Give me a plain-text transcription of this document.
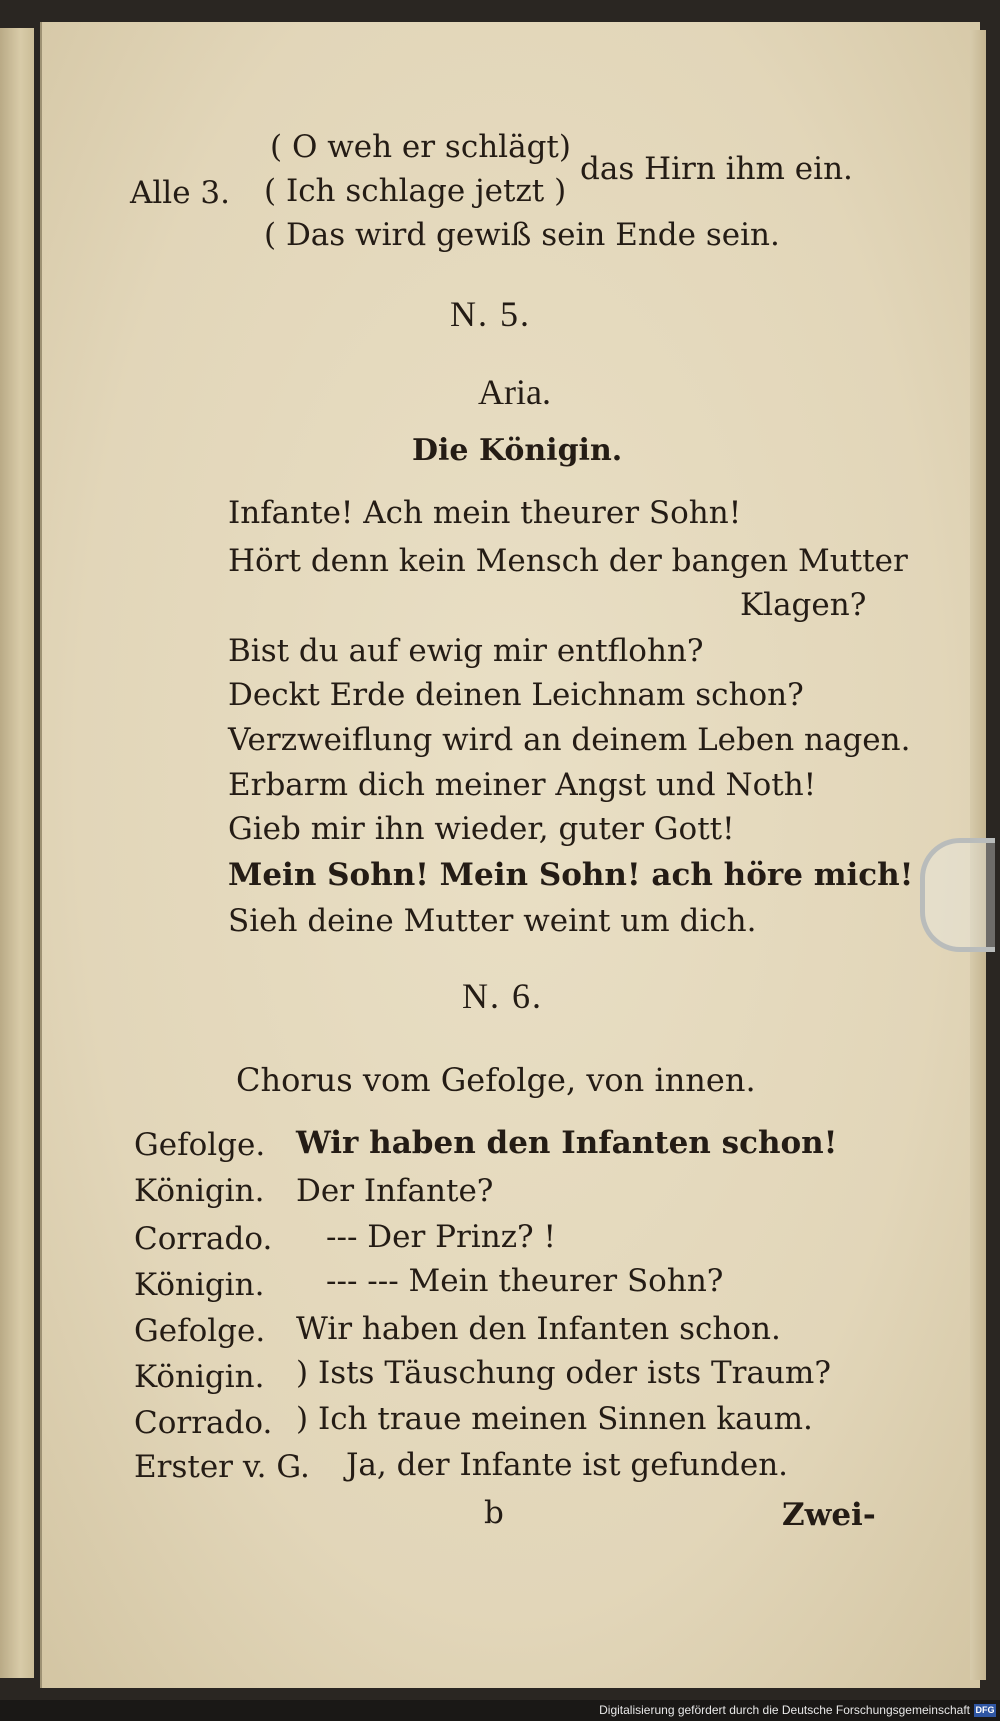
( O weh er schlägt)
Alle 3. ( Ich schlage jetzt )
das Hirn ihm ein.
( Das wird gewiß sein Ende sein.
N. 5.
Aria.
Die Königin.
Infante! Ach mein theurer Sohn!
Hört denn kein Mensch der bangen Mutter
Klagen?
Bist du auf ewig mir entflohn?
Deckt Erde deinen Leichnam schon?
Verzweiflung wird an deinem Leben nagen.
Erbarm dich meiner Angst und Noth!
Gieb mir ihn wieder, guter Gott!
Mein Sohn! Mein Sohn! ach höre mich!
Sieh deine Mutter weint um dich.
N. 6.
Chorus vom Gefolge, von innen.
Gefolge. Wir haben den Infanten schon!
Königin. Der Infante?
Corrado. --- Der Prinz? !
Königin. --- --- Mein theurer Sohn?
Gefolge. Wir haben den Infanten schon.
Königin. ) Ists Täuschung oder ists Traum?
Corrado. ) Ich traue meinen Sinnen kaum.
Erster v. G. Ja, der Infante ist gefunden.
b	Zwei-
Digitalisierung gefördert durch die Deutsche Forschungsgemeinschaft DFG
